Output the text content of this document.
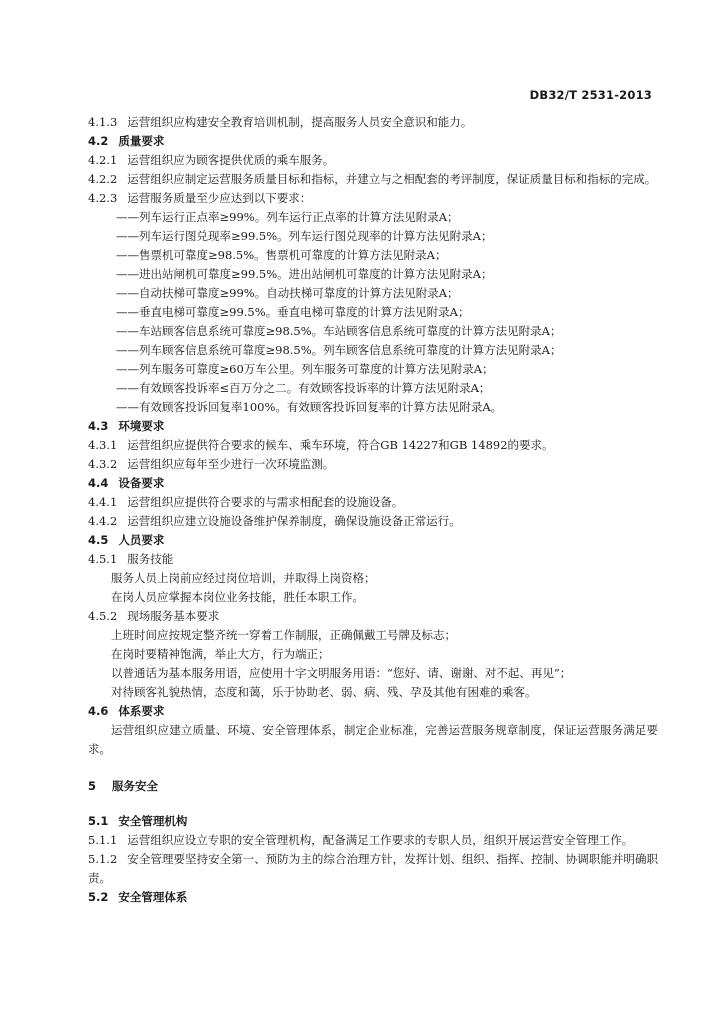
DB32/T 2531-2013
4.1.3 运营组织应构建安全教育培训机制，提高服务人员安全意识和能力。
4.2 质量要求
4.2.1 运营组织应为顾客提供优质的乘车服务。
4.2.2 运营组织应制定运营服务质量目标和指标，并建立与之相配套的考评制度，保证质量目标和指标的完成。
4.2.3 运营服务质量至少应达到以下要求：
——列车运行正点率≥99%。列车运行正点率的计算方法见附录A；
——列车运行图兑现率≥99.5%。列车运行图兑现率的计算方法见附录A；
——售票机可靠度≥98.5%。售票机可靠度的计算方法见附录A；
——进出站闸机可靠度≥99.5%。进出站闸机可靠度的计算方法见附录A；
——自动扶梯可靠度≥99%。自动扶梯可靠度的计算方法见附录A；
——垂直电梯可靠度≥99.5%。垂直电梯可靠度的计算方法见附录A；
——车站顾客信息系统可靠度≥98.5%。车站顾客信息系统可靠度的计算方法见附录A；
——列车顾客信息系统可靠度≥98.5%。列车顾客信息系统可靠度的计算方法见附录A；
——列车服务可靠度≥60万车公里。列车服务可靠度的计算方法见附录A；
——有效顾客投诉率≤百万分之二。有效顾客投诉率的计算方法见附录A；
——有效顾客投诉回复率100%。有效顾客投诉回复率的计算方法见附录A。
4.3 环境要求
4.3.1 运营组织应提供符合要求的候车、乘车环境，符合GB 14227和GB 14892的要求。
4.3.2 运营组织应每年至少进行一次环境监测。
4.4 设备要求
4.4.1 运营组织应提供符合要求的与需求相配套的设施设备。
4.4.2 运营组织应建立设施设备维护保养制度，确保设施设备正常运行。
4.5 人员要求
4.5.1 服务技能
服务人员上岗前应经过岗位培训，并取得上岗资格；
在岗人员应掌握本岗位业务技能，胜任本职工作。
4.5.2 现场服务基本要求
上班时间应按规定整齐统一穿着工作制服，正确佩戴工号牌及标志；
在岗时要精神饱满，举止大方，行为端正；
以普通话为基本服务用语，应使用十字文明服务用语：“您好、请、谢谢、对不起、再见”；
对待顾客礼貌热情，态度和蔼，乐于协助老、弱、病、残、孕及其他有困难的乘客。
4.6 体系要求
运营组织应建立质量、环境、安全管理体系，制定企业标准，完善运营服务规章制度，保证运营服务满足要求。
5 服务安全
5.1 安全管理机构
5.1.1 运营组织应设立专职的安全管理机构，配备满足工作要求的专职人员，组织开展运营安全管理工作。
5.1.2 安全管理要坚持安全第一、预防为主的综合治理方针，发挥计划、组织、指挥、控制、协调职能并明确职责。
5.2 安全管理体系
